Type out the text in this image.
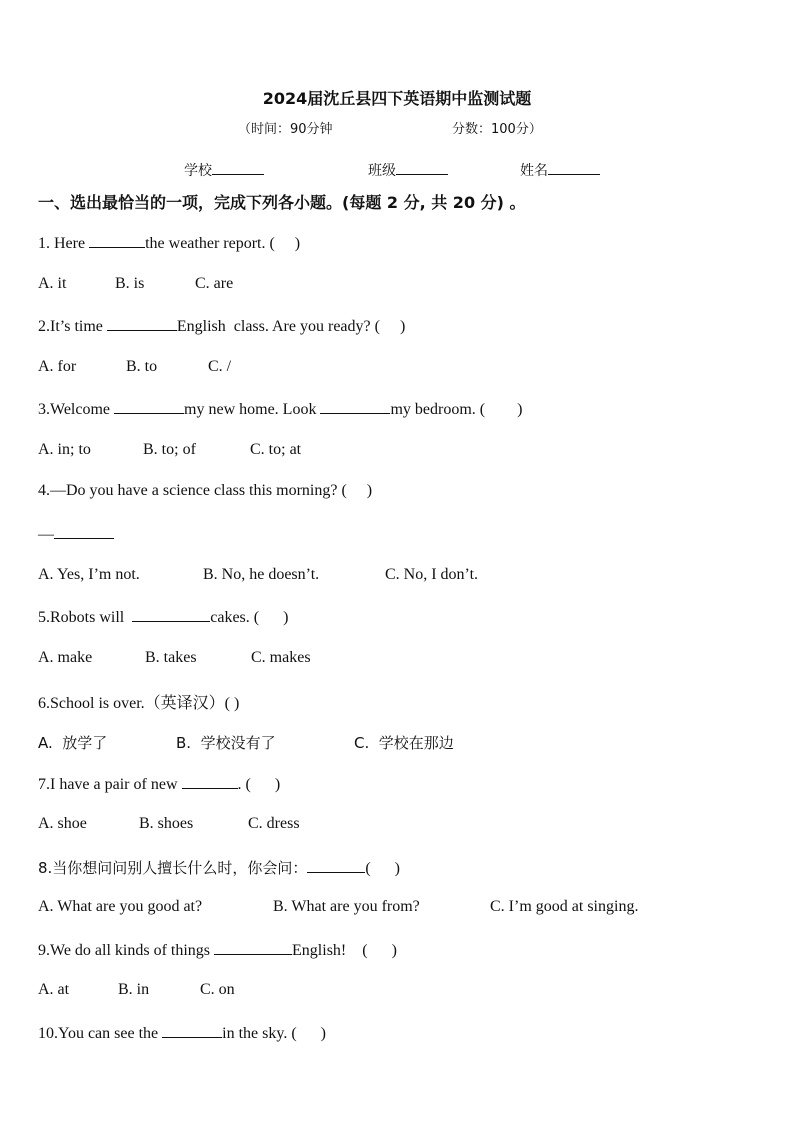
2024届沈丘县四下英语期中监测试题
（时间：90分钟	分数：100分）
学校	班级	姓名
一、选出最恰当的一项，完成下列各小题。(每题 2 分, 共 20 分) 。
1. Here	the weather report. (     )
A. it	B. is	C. are
2.It’s time	English  class. Are you ready? (     )
A. for	B. to	C. /
3.Welcome	my new home. Look	my bedroom. (        )
A. in; to	B. to; of	C. to; at
4.—Do you have a science class this morning? (     )
—
A. Yes, I’m not.	B. No, he doesn’t.	C. No, I don’t.
5.Robots will	cakes. (      )
A. make	B. takes	C. makes
6.School is over.（英译汉）( )
A.  放学了	B.  学校没有了	C.  学校在那边
7.I have a pair of new	. (      )
A. shoe	B. shoes	C. dress
8.当你想问问别人擅长什么时，你会问：	(      )
A. What are you good at?	B. What are you from?	C. I’m good at singing.
9.We do all kinds of things	English!    (      )
A. at	B. in	C. on
10.You can see the	in the sky. (      )
